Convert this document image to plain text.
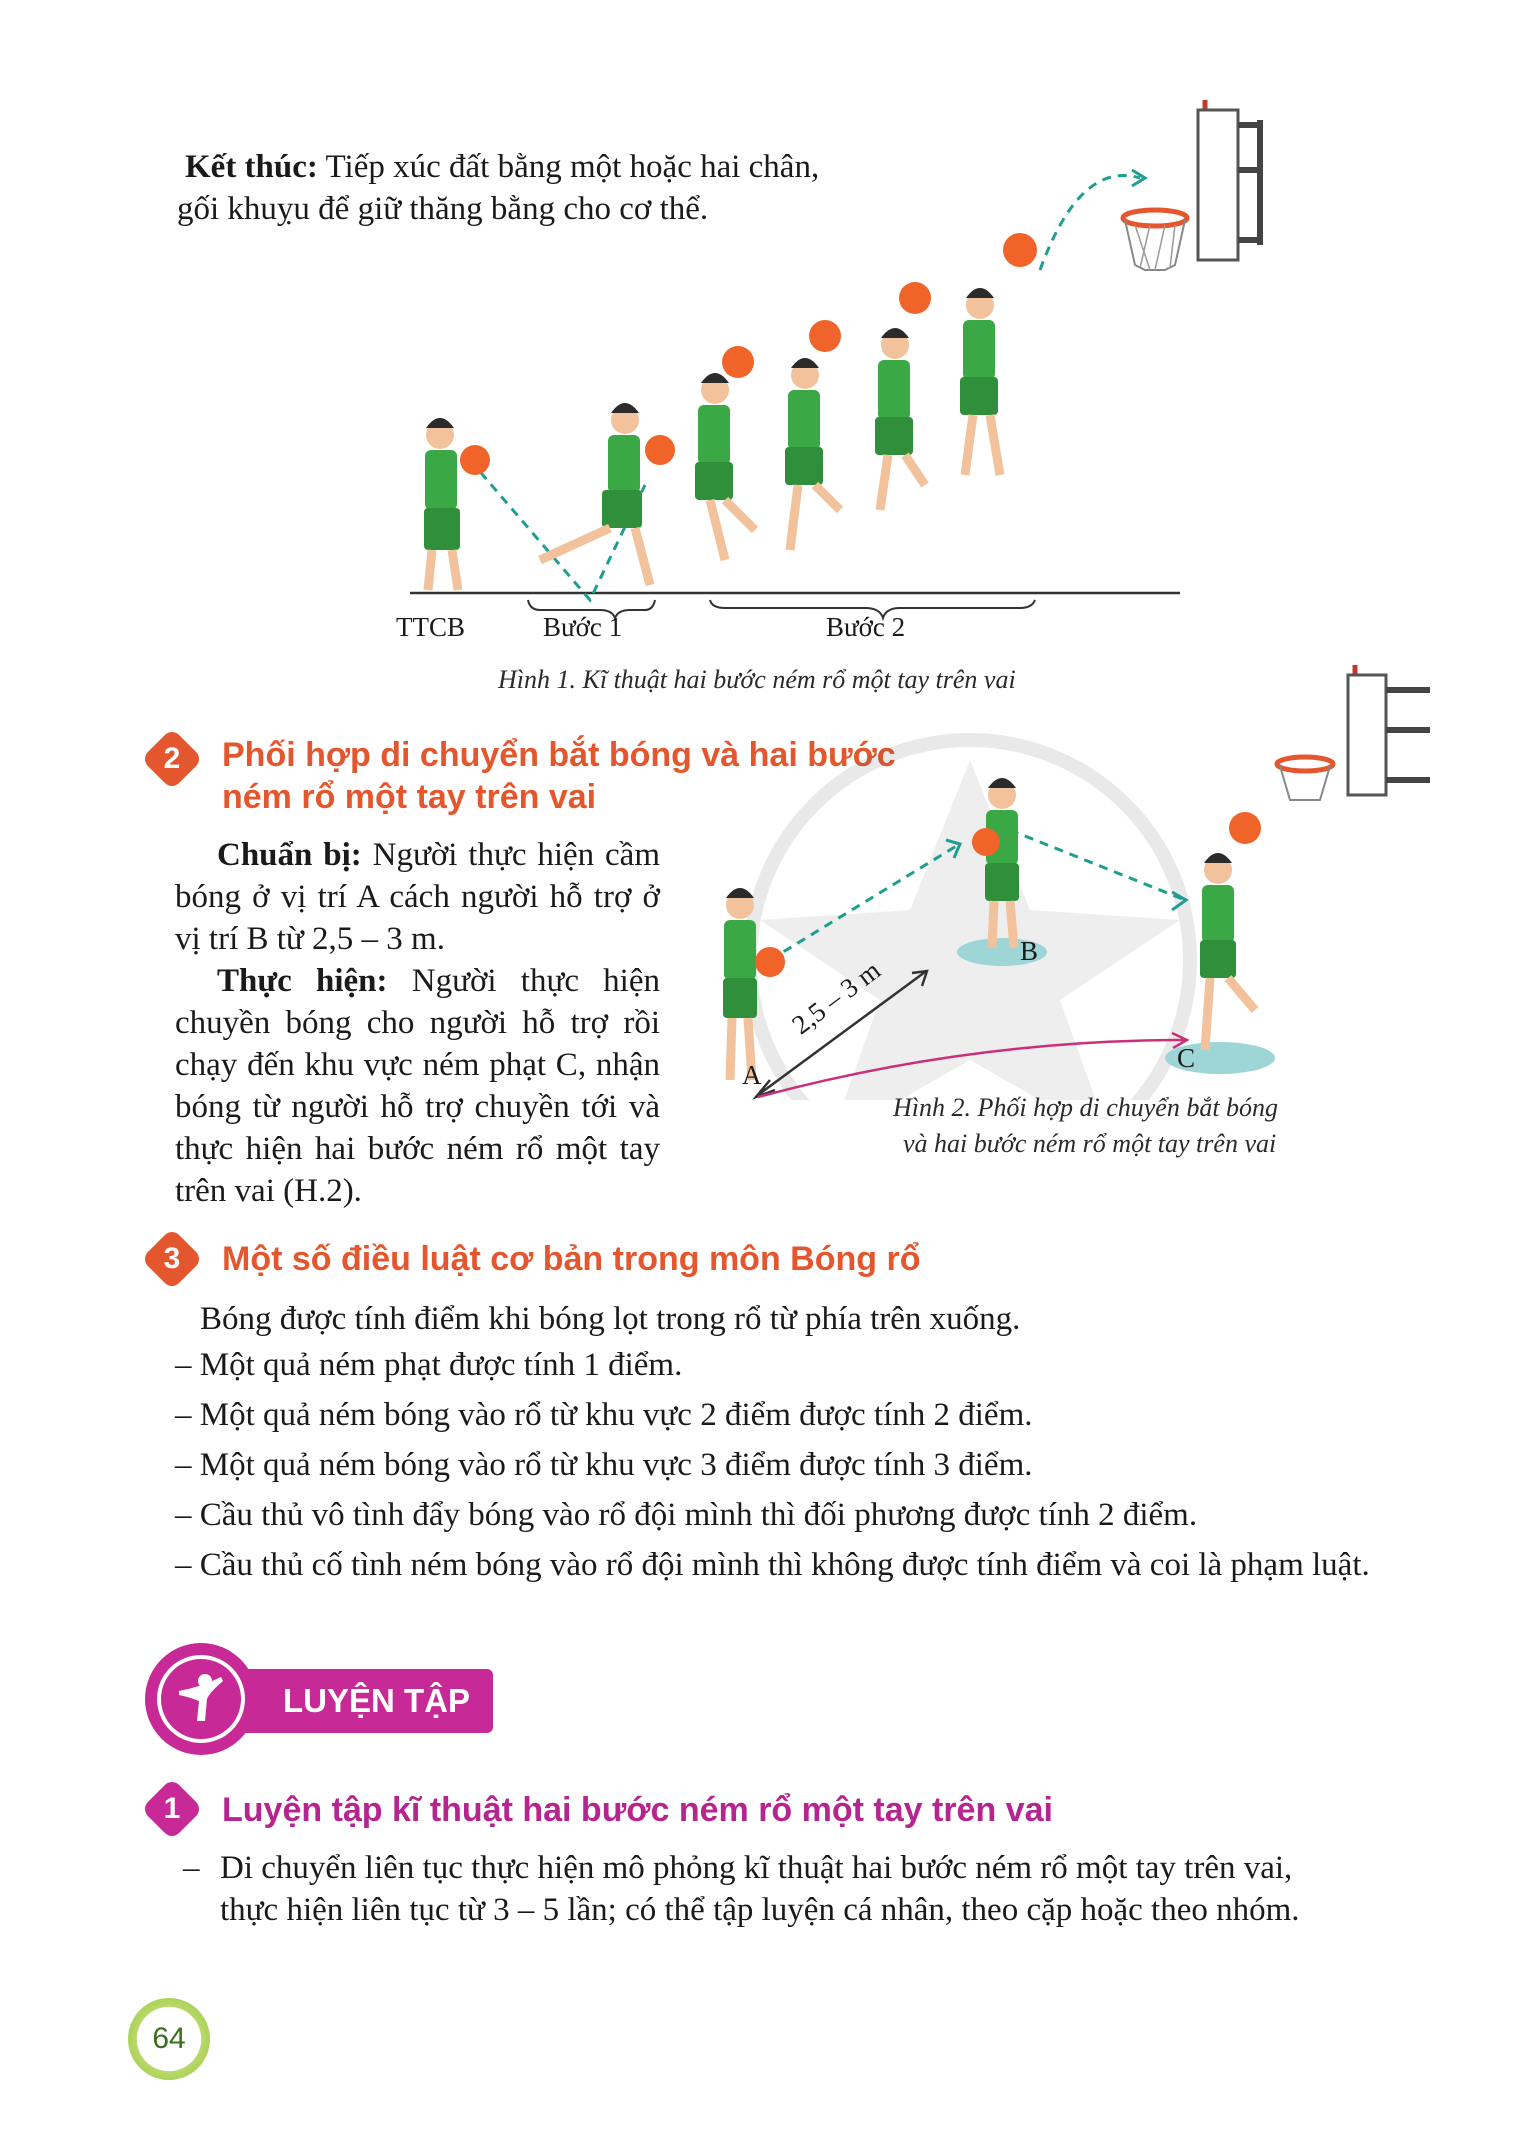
Kết thúc: Tiếp xúc đất bằng một hoặc hai chân,
gối khuỵu để giữ thăng bằng cho cơ thể.
TTCB	Bước 1	Bước 2
Hình 1. Kĩ thuật hai bước ném rổ một tay trên vai
2	Phối hợp di chuyển bắt bóng và hai bước
ném rổ một tay trên vai
Chuẩn bị: Người thực hiện cầm bóng ở vị trí A cách người hỗ trợ ở vị trí B từ 2,5 – 3 m.
Thực hiện: Người thực hiện chuyền bóng cho người hỗ trợ rồi chạy đến khu vực ném phạt C, nhận bóng từ người hỗ trợ chuyền tới và thực hiện hai bước ném rổ một tay trên vai (H.2).
A
B
C
2,5 – 3 m
Hình 2. Phối hợp di chuyển bắt bóng
và hai bước ném rổ một tay trên vai
3	Một số điều luật cơ bản trong môn Bóng rổ
Bóng được tính điểm khi bóng lọt trong rổ từ phía trên xuống.
– Một quả ném phạt được tính 1 điểm.
– Một quả ném bóng vào rổ từ khu vực 2 điểm được tính 2 điểm.
– Một quả ném bóng vào rổ từ khu vực 3 điểm được tính 3 điểm.
– Cầu thủ vô tình đẩy bóng vào rổ đội mình thì đối phương được tính 2 điểm.
– Cầu thủ cố tình ném bóng vào rổ đội mình thì không được tính điểm và coi là phạm luật.
LUYỆN TẬP
1	Luyện tập kĩ thuật hai bước ném rổ một tay trên vai
– Di chuyển liên tục thực hiện mô phỏng kĩ thuật hai bước ném rổ một tay trên vai,
thực hiện liên tục từ 3 – 5 lần; có thể tập luyện cá nhân, theo cặp hoặc theo nhóm.
64
